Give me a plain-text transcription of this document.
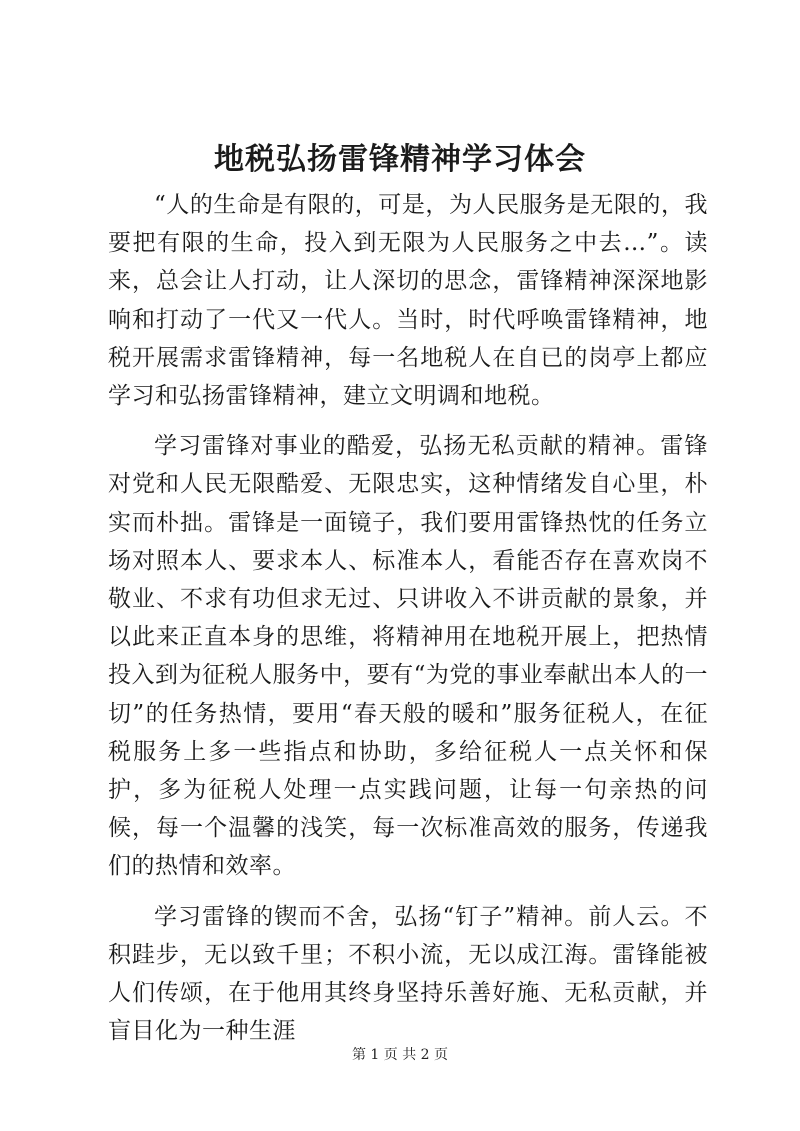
地税弘扬雷锋精神学习体会

“人的生命是有限的，可是，为人民服务是无限的，我要把有限的生命，投入到无限为人民服务之中去…”。读来，总会让人打动，让人深切的思念，雷锋精神深深地影响和打动了一代又一代人。当时，时代呼唤雷锋精神，地税开展需求雷锋精神，每一名地税人在自已的岗亭上都应学习和弘扬雷锋精神，建立文明调和地税。

学习雷锋对事业的酷爱，弘扬无私贡献的精神。雷锋对党和人民无限酷爱、无限忠实，这种情绪发自心里，朴实而朴拙。雷锋是一面镜子，我们要用雷锋热忱的任务立场对照本人、要求本人、标准本人，看能否存在喜欢岗不敬业、不求有功但求无过、只讲收入不讲贡献的景象，并以此来正直本身的思维，将精神用在地税开展上，把热情投入到为征税人服务中，要有“为党的事业奉献出本人的一切”的任务热情，要用“春天般的暖和”服务征税人，在征税服务上多一些指点和协助，多给征税人一点关怀和保护，多为征税人处理一点实践问题，让每一句亲热的问候，每一个温馨的浅笑，每一次标准高效的服务，传递我们的热情和效率。

学习雷锋的锲而不舍，弘扬“钉子”精神。前人云。不积跬步，无以致千里；不积小流，无以成江海。雷锋能被人们传颂，在于他用其终身坚持乐善好施、无私贡献，并盲目化为一种生涯

第 1 页 共 2 页
